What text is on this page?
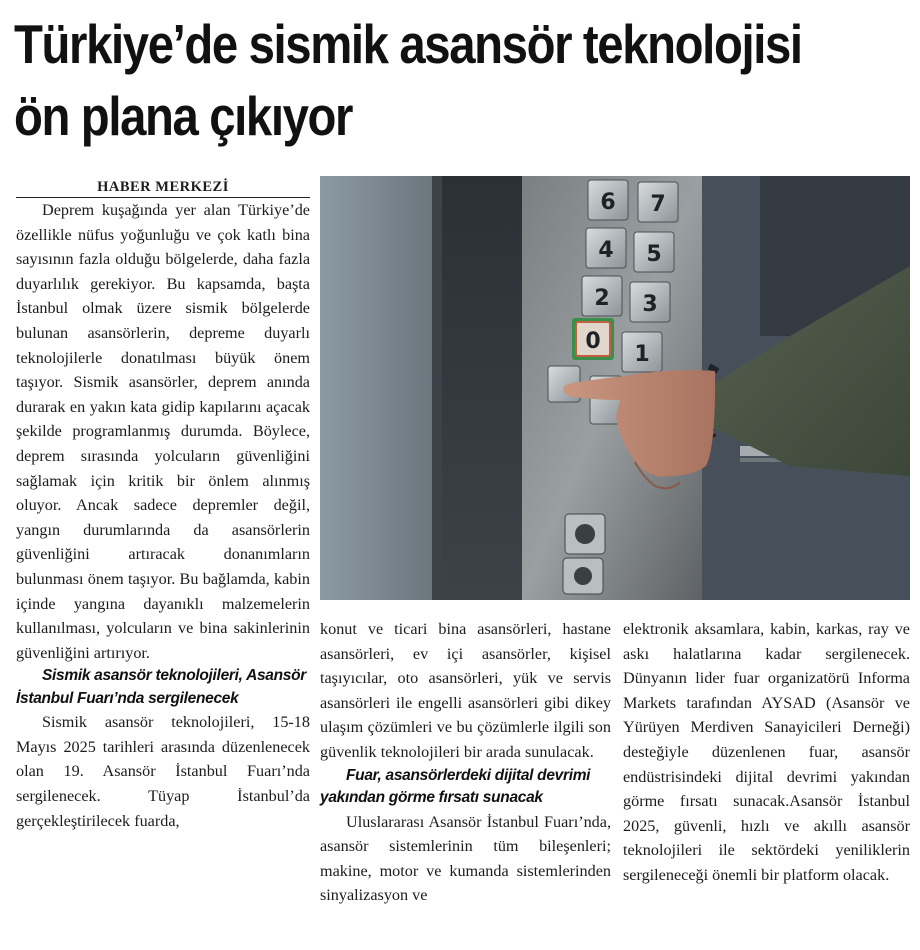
Türkiye’de sismik asansör teknolojisi
ön plana çıkıyor
HABER MERKEZİ

Deprem kuşağında yer alan Türkiye’de özellikle nüfus yoğunluğu ve çok katlı bina sayısının fazla olduğu bölgelerde, daha fazla duyarlılık gerekiyor. Bu kapsamda, başta İstanbul olmak üzere sismik bölgelerde bulunan asansörlerin, depreme duyarlı teknolojilerle donatılması büyük önem taşıyor. Sismik asansörler, deprem anında durarak en yakın kata gidip kapılarını açacak şekilde programlanmış durumda. Böylece, deprem sırasında yolcuların güvenliğini sağlamak için kritik bir önlem alınmış oluyor. Ancak sadece depremler değil, yangın durumlarında da asansörlerin güvenliğini artıracak donanımların bulunması önem taşıyor. Bu bağlamda, kabin içinde yangına dayanıklı malzemelerin kullanılması, yolcuların ve bina sakinlerinin güvenliğini artırıyor.

Sismik asansör teknolojileri, Asansör İstanbul Fuarı’nda sergilenecek

Sismik asansör teknolojileri, 15-18 Mayıs 2025 tarihleri arasında düzenlenecek olan 19. Asansör İstanbul Fuarı’nda sergilenecek. Tüyap İstanbul’da gerçekleştirilecek fuarda,

6 7
4 5
2 3
0
1

konut ve ticari bina asansörleri, hastane asansörleri, ev içi asansörler, kişisel taşıyıcılar, oto asansörleri, yük ve servis asansörleri ile engelli asansörleri gibi dikey ulaşım çözümleri ve bu çözümlerle ilgili son güvenlik teknolojileri bir arada sunulacak.

Fuar, asansörlerdeki dijital devrimi yakından görme fırsatı sunacak

Uluslararası Asansör İstanbul Fuarı’nda, asansör sistemlerinin tüm bileşenleri; makine, motor ve kumanda sistemlerinden sinyalizasyon ve

elektronik aksamlara, kabin, karkas, ray ve askı halatlarına kadar sergilenecek. Dünyanın lider fuar organizatörü Informa Markets tarafından AYSAD (Asansör ve Yürüyen Merdiven Sanayicileri Derneği) desteğiyle düzenlenen fuar, asansör endüstrisindeki dijital devrimi yakından görme fırsatı sunacak.Asansör İstanbul 2025, güvenli, hızlı ve akıllı asansör teknolojileri ile sektördeki yeniliklerin sergileneceği önemli bir platform olacak.
